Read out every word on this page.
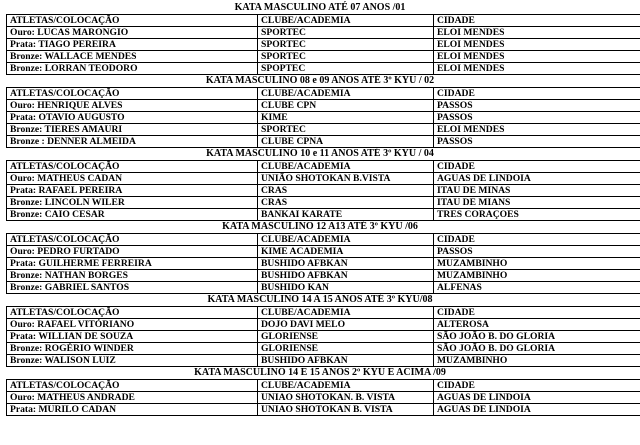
KATA MASCULINO ATÉ 07 ANOS /01
ATLETAS/COLOCAÇÃO	CLUBE/ACADEMIA	CIDADE
Ouro: LUCAS MARONGIO	SPORTEC	ELOI MENDES
Prata: TIAGO PEREIRA	SPORTEC	ELOI MENDES
Bronze: WALLACE MENDES	SPORTEC	ELOI MENDES
Bronze: LORRAN TEODORO	SPOPTEC	ELOI MENDES
KATA MASCULINO 08 e 09 ANOS ATÉ 3º KYU / 02
ATLETAS/COLOCAÇÃO	CLUBE/ACADEMIA	CIDADE
Ouro: HENRIQUE ALVES	CLUBE CPN	PASSOS
Prata: OTAVIO AUGUSTO	KIME	PASSOS
Bronze: TIERES AMAURI	SPORTEC	ELOI MENDES
Bronze : DENNER ALMEIDA	CLUBE CPNA	PASSOS
KATA MASCULINO 10 e 11 ANOS ATÉ 3º KYU / 04
ATLETAS/COLOCAÇÃO	CLUBE/ACADEMIA	CIDADE
Ouro: MATHEUS CADAN	UNIÃO SHOTOKAN B.VISTA	AGUAS DE LINDOIA
Prata: RAFAEL PEREIRA	CRAS	ITAU DE MINAS
Bronze: LINCOLN WILER	CRAS	ITAU DE MIANS
Bronze: CAIO CESAR	BANKAI KARATE	TRES CORAÇOES
KATA MASCULINO 12 A13 ATÉ 3º KYU /06
ATLETAS/COLOCAÇÃO	CLUBE/ACADEMIA	CIDADE
Ouro: PEDRO FURTADO	KIME ACADEMIA	PASSOS
Prata: GUILHERME FERREIRA	BUSHIDO AFBKAN	MUZAMBINHO
Bronze: NATHAN BORGES	BUSHIDO AFBKAN	MUZAMBINHO
Bronze: GABRIEL SANTOS	BUSHIDO KAN	ALFENAS
KATA MASCULINO 14 A 15 ANOS ATÉ 3º KYU/08
ATLETAS/COLOCAÇÃO	CLUBE/ACADEMIA	CIDADE
Ouro: RAFAEL VITÓRIANO	DOJO DAVI MELO	ALTEROSA
Prata: WILLIAN DE SOUZA	GLORIENSE	SÃO JOÃO B. DO GLORIA
Bronze: ROGÉRIO WINDER	GLORIENSE	SÃO JOÃO B. DO GLORIA
Bronze: WALISON LUIZ	BUSHIDO AFBKAN	MUZAMBINHO
KATA MASCULINO 14 E 15 ANOS 2º KYU E ACIMA /09
ATLETAS/COLOCAÇÃO	CLUBE/ACADEMIA	CIDADE
Ouro: MATHEUS ANDRADE	UNIAO SHOTOKAN. B. VISTA	AGUAS DE LINDOIA
Prata: MURILO CADAN	UNIAO SHOTOKAN B. VISTA	AGUAS DE LINDOIA
